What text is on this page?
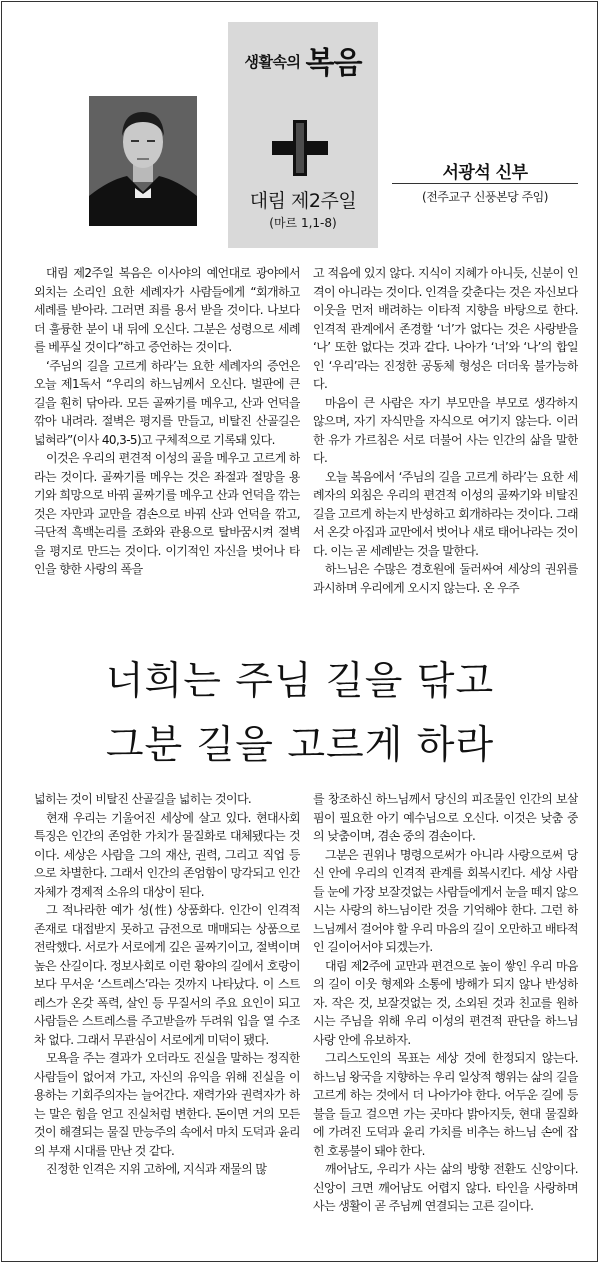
생활속의 복음
대림 제2주일
(마르 1,1-8)
서광석 신부
(전주교구 신풍본당 주임)

대림 제2주일 복음은 이사야의 예언대로 광야에서 외치는 소리인 요한 세례자가 사람들에게 “회개하고 세례를 받아라. 그러면 죄를 용서 받을 것이다. 나보다 더 훌륭한 분이 내 뒤에 오신다. 그분은 성령으로 세례를 베푸실 것이다”하고 증언하는 것이다.

‘주님의 길을 고르게 하라’는 요한 세례자의 증언은 오늘 제1독서 “우리의 하느님께서 오신다. 벌판에 큰 길을 훤히 닦아라. 모든 골짜기를 메우고, 산과 언덕을 깎아 내려라. 절벽은 평지를 만들고, 비탈진 산골길은 넓혀라”(이사 40,3-5)고 구체적으로 기록돼 있다.

이것은 우리의 편견적 이성의 골을 메우고 고르게 하라는 것이다. 골짜기를 메우는 것은 좌절과 절망을 용기와 희망으로 바꿔 골짜기를 메우고 산과 언덕을 깎는 것은 자만과 교만을 겸손으로 바꿔 산과 언덕을 깎고, 극단적 흑백논리를 조화와 관용으로 탈바꿈시켜 절벽을 평지로 만드는 것이다. 이기적인 자신을 벗어나 타인을 향한 사랑의 폭을

고 적음에 있지 않다. 지식이 지혜가 아니듯, 신분이 인격이 아니라는 것이다. 인격을 갖춘다는 것은 자신보다 이웃을 먼저 배려하는 이타적 지향을 바탕으로 한다. 인격적 관계에서 존경할 ‘너’가 없다는 것은 사랑받을 ‘나’ 또한 없다는 것과 같다. 나아가 ‘너’와 ‘나’의 합일인 ‘우리’라는 진정한 공동체 형성은 더더욱 불가능하다.

마음이 큰 사람은 자기 부모만을 부모로 생각하지 않으며, 자기 자식만을 자식으로 여기지 않는다. 이러한 유가 가르침은 서로 더불어 사는 인간의 삶을 말한다.

오늘 복음에서 ‘주님의 길을 고르게 하라’는 요한 세례자의 외침은 우리의 편견적 이성의 골짜기와 비탈진 길을 고르게 하는지 반성하고 회개하라는 것이다. 그래서 온갖 아집과 교만에서 벗어나 새로 태어나라는 것이다. 이는 곧 세례받는 것을 말한다.

하느님은 수많은 경호원에 둘러싸여 세상의 권위를 과시하며 우리에게 오시지 않는다. 온 우주

너희는 주님 길을 닦고
그분 길을 고르게 하라

넓히는 것이 비탈진 산골길을 넓히는 것이다.

현재 우리는 기울어진 세상에 살고 있다. 현대사회 특징은 인간의 존엄한 가치가 물질화로 대체됐다는 것이다. 세상은 사람을 그의 재산, 권력, 그리고 직업 등으로 차별한다. 그래서 인간의 존엄함이 망각되고 인간 자체가 경제적 소유의 대상이 된다.

그 적나라한 예가 성(性) 상품화다. 인간이 인격적 존재로 대접받지 못하고 금전으로 매매되는 상품으로 전락했다. 서로가 서로에게 깊은 골짜기이고, 절벽이며 높은 산길이다. 정보사회로 이런 황야의 길에서 호랑이보다 무서운 ‘스트레스’라는 것까지 나타났다. 이 스트레스가 온갖 폭력, 살인 등 무질서의 주요 요인이 되고 사람들은 스트레스를 주고받을까 두려워 입을 열 수조차 없다. 그래서 무관심이 서로에게 미덕이 됐다.

모욕을 주는 결과가 오더라도 진실을 말하는 정직한 사람들이 없어져 가고, 자신의 유익을 위해 진실을 이용하는 기회주의자는 늘어간다. 재력가와 권력자가 하는 말은 힘을 얻고 진실처럼 변한다. 돈이면 거의 모든 것이 해결되는 물질 만능주의 속에서 마치 도덕과 윤리의 부재 시대를 만난 것 같다.

진정한 인격은 지위 고하에, 지식과 재물의 많

를 창조하신 하느님께서 당신의 피조물인 인간의 보살핌이 필요한 아기 예수님으로 오신다. 이것은 낮춤 중의 낮춤이며, 겸손 중의 겸손이다.

그분은 권위나 명령으로써가 아니라 사랑으로써 당신 안에 우리의 인격적 관계를 회복시킨다. 세상 사람들 눈에 가장 보잘것없는 사람들에게서 눈을 떼지 않으시는 사랑의 하느님이란 것을 기억해야 한다. 그런 하느님께서 걸어야 할 우리 마음의 길이 오만하고 배타적인 길이어서야 되겠는가.

대림 제2주에 교만과 편견으로 높이 쌓인 우리 마음의 길이 이웃 형제와 소통에 방해가 되지 않나 반성하자. 작은 것, 보잘것없는 것, 소외된 것과 친교를 원하시는 주님을 위해 우리 이성의 편견적 판단을 하느님 사랑 안에 유보하자.

그리스도인의 목표는 세상 것에 한정되지 않는다. 하느님 왕국을 지향하는 우리 일상적 행위는 삶의 길을 고르게 하는 것에서 더 나아가야 한다. 어두운 길에 등불을 들고 걸으면 가는 곳마다 밝아지듯, 현대 물질화에 가려진 도덕과 윤리 가치를 비추는 하느님 손에 잡힌 호롱불이 돼야 한다.

깨어남도, 우리가 사는 삶의 방향 전환도 신앙이다. 신앙이 크면 깨어남도 어렵지 않다. 타인을 사랑하며 사는 생활이 곧 주님께 연결되는 고른 길이다.
